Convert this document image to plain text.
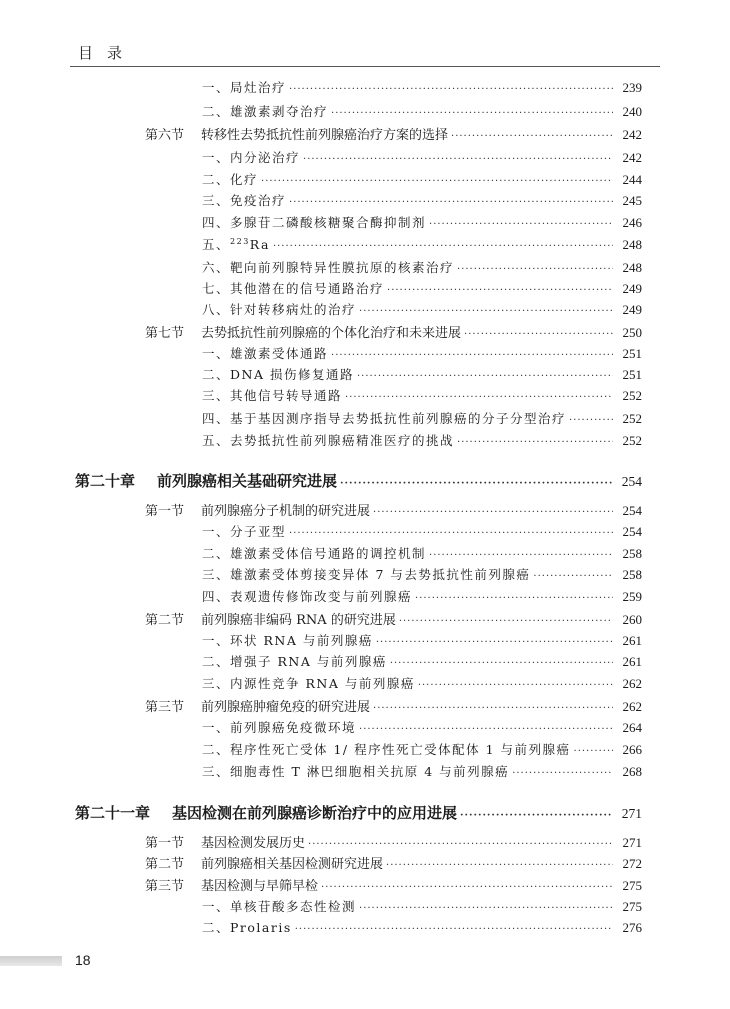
目录
一、局灶治疗 ·····	239
二、雄激素剥夺治疗 ·····	240
第六节 转移性去势抵抗性前列腺癌治疗方案的选择 ·····	242
一、内分泌治疗 ·····	242
二、化疗 ·····	244
三、免疫治疗 ·····	245
四、多腺苷二磷酸核糖聚合酶抑制剂 ·····	246
五、$^{223}$Ra ·····	248
六、靶向前列腺特异性膜抗原的核素治疗 ·····	248
七、其他潜在的信号通路治疗 ·····	249
八、针对转移病灶的治疗 ·····	249
第七节 去势抵抗性前列腺癌的个体化治疗和未来进展 ·····	250
一、雄激素受体通路 ·····	251
二、DNA 损伤修复通路 ·····	251
三、其他信号转导通路 ·····	252
四、基于基因测序指导去势抵抗性前列腺癌的分子分型治疗 ·····	252
五、去势抵抗性前列腺癌精准医疗的挑战 ·····	252
第二十章 前列腺癌相关基础研究进展 ·····	254
第一节 前列腺癌分子机制的研究进展 ·····	254
一、分子亚型 ·····	254
二、雄激素受体信号通路的调控机制 ·····	258
三、雄激素受体剪接变异体 7 与去势抵抗性前列腺癌 ·····	258
四、表观遗传修饰改变与前列腺癌 ·····	259
第二节 前列腺癌非编码 RNA 的研究进展 ·····	260
一、环状 RNA 与前列腺癌 ·····	261
二、增强子 RNA 与前列腺癌 ·····	261
三、内源性竞争 RNA 与前列腺癌 ·····	262
第三节 前列腺癌肿瘤免疫的研究进展 ·····	262
一、前列腺癌免疫微环境 ·····	264
二、程序性死亡受体 1/ 程序性死亡受体配体 1 与前列腺癌 ·····	266
三、细胞毒性 T 淋巴细胞相关抗原 4 与前列腺癌 ·····	268
第二十一章 基因检测在前列腺癌诊断治疗中的应用进展 ·····	271
第一节 基因检测发展历史 ·····	271
第二节 前列腺癌相关基因检测研究进展 ·····	272
第三节 基因检测与早筛早检 ·····	275
一、单核苷酸多态性检测 ·····	275
二、Prolaris ·····	276
18
